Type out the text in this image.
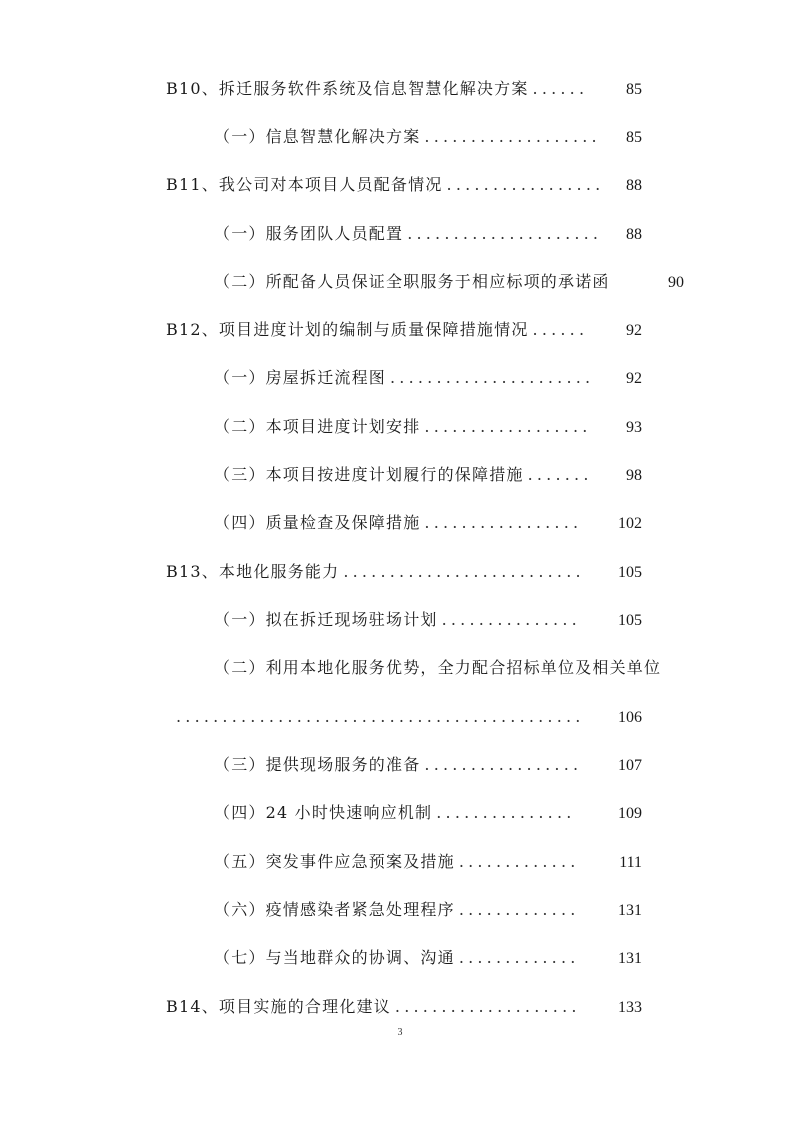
B10、拆迁服务软件系统及信息智慧化解决方案 ......	85
（一）信息智慧化解决方案 ...................	85
B11、我公司对本项目人员配备情况 .................	88
（一）服务团队人员配置 .....................	88
（二）所配备人员保证全职服务于相应标项的承诺函	90
B12、项目进度计划的编制与质量保障措施情况 ......	92
（一）房屋拆迁流程图 ......................	92
（二）本项目进度计划安排 ..................	93
（三）本项目按进度计划履行的保障措施 .......	98
（四）质量检查及保障措施 .................	102
B13、本地化服务能力 ..........................	105
（一）拟在拆迁现场驻场计划 ...............	105
（二）利用本地化服务优势，全力配合招标单位及相关单位
............................................	106
（三）提供现场服务的准备 .................	107
（四）24 小时快速响应机制 ...............	109
（五）突发事件应急预案及措施 .............	111
（六）疫情感染者紧急处理程序 .............	131
（七）与当地群众的协调、沟通 .............	131
B14、项目实施的合理化建议 ....................	133
3
